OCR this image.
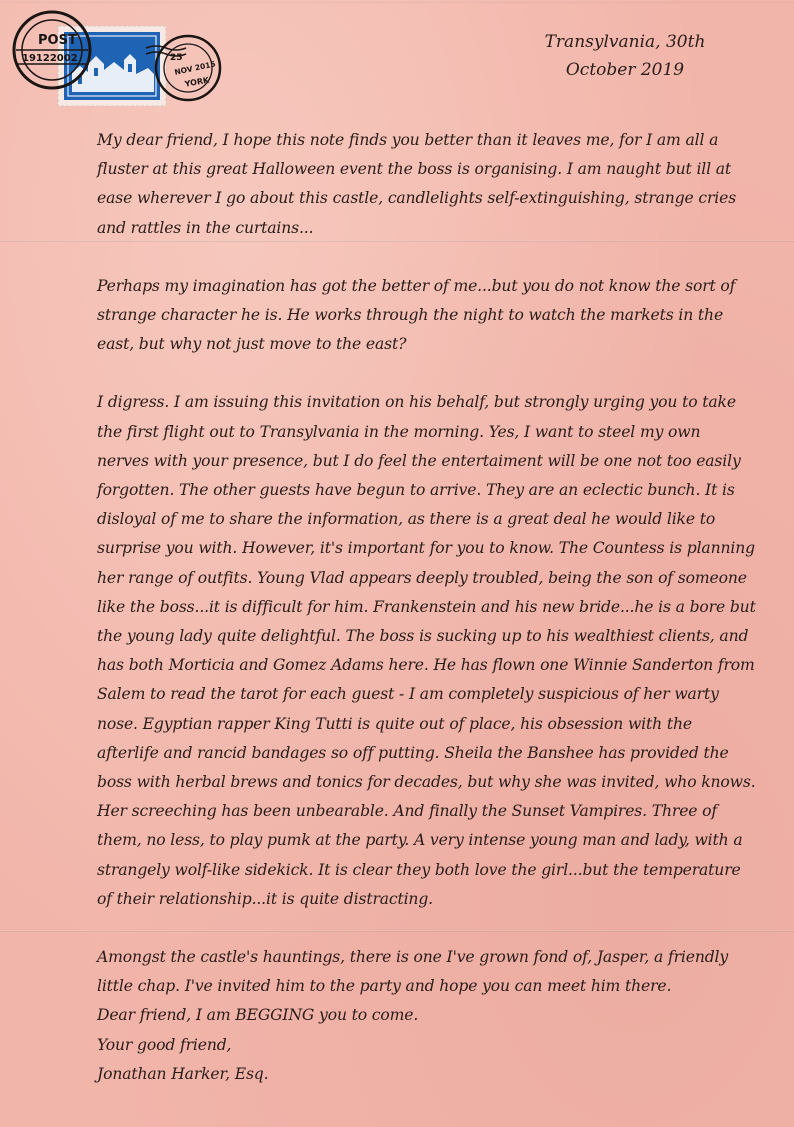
POST
19122002	25
NOV 2015
YORK
Transylvania, 30th
October 2019

My dear friend, I hope this note finds you better than it leaves me, for I am all a fluster at this great Halloween event the boss is organising. I am naught but ill at ease wherever I go about this castle, candlelights self-extinguishing, strange cries and rattles in the curtains...

Perhaps my imagination has got the better of me...but you do not know the sort of strange character he is. He works through the night to watch the markets in the east, but why not just move to the east?

I digress. I am issuing this invitation on his behalf, but strongly urging you to take the first flight out to Transylvania in the morning. Yes, I want to steel my own nerves with your presence, but I do feel the entertaiment will be one not too easily forgotten. The other guests have begun to arrive. They are an eclectic bunch. It is disloyal of me to share the information, as there is a great deal he would like to surprise you with. However, it's important for you to know. The Countess is planning her range of outfits. Young Vlad appears deeply troubled, being the son of someone like the boss...it is difficult for him. Frankenstein and his new bride...he is a bore but the young lady quite delightful. The boss is sucking up to his wealthiest clients, and has both Morticia and Gomez Adams here. He has flown one Winnie Sanderton from Salem to read the tarot for each guest - I am completely suspicious of her warty nose. Egyptian rapper King Tutti is quite out of place, his obsession with the afterlife and rancid bandages so off putting. Sheila the Banshee has provided the boss with herbal brews and tonics for decades, but why she was invited, who knows. Her screeching has been unbearable. And finally the Sunset Vampires. Three of them, no less, to play pumk at the party. A very intense young man and lady, with a strangely wolf-like sidekick. It is clear they both love the girl...but the temperature of their relationship...it is quite distracting.

Amongst the castle's hauntings, there is one I've grown fond of, Jasper, a friendly little chap. I've invited him to the party and hope you can meet him there.

Dear friend, I am BEGGING you to come.

Your good friend,

Jonathan Harker, Esq.
